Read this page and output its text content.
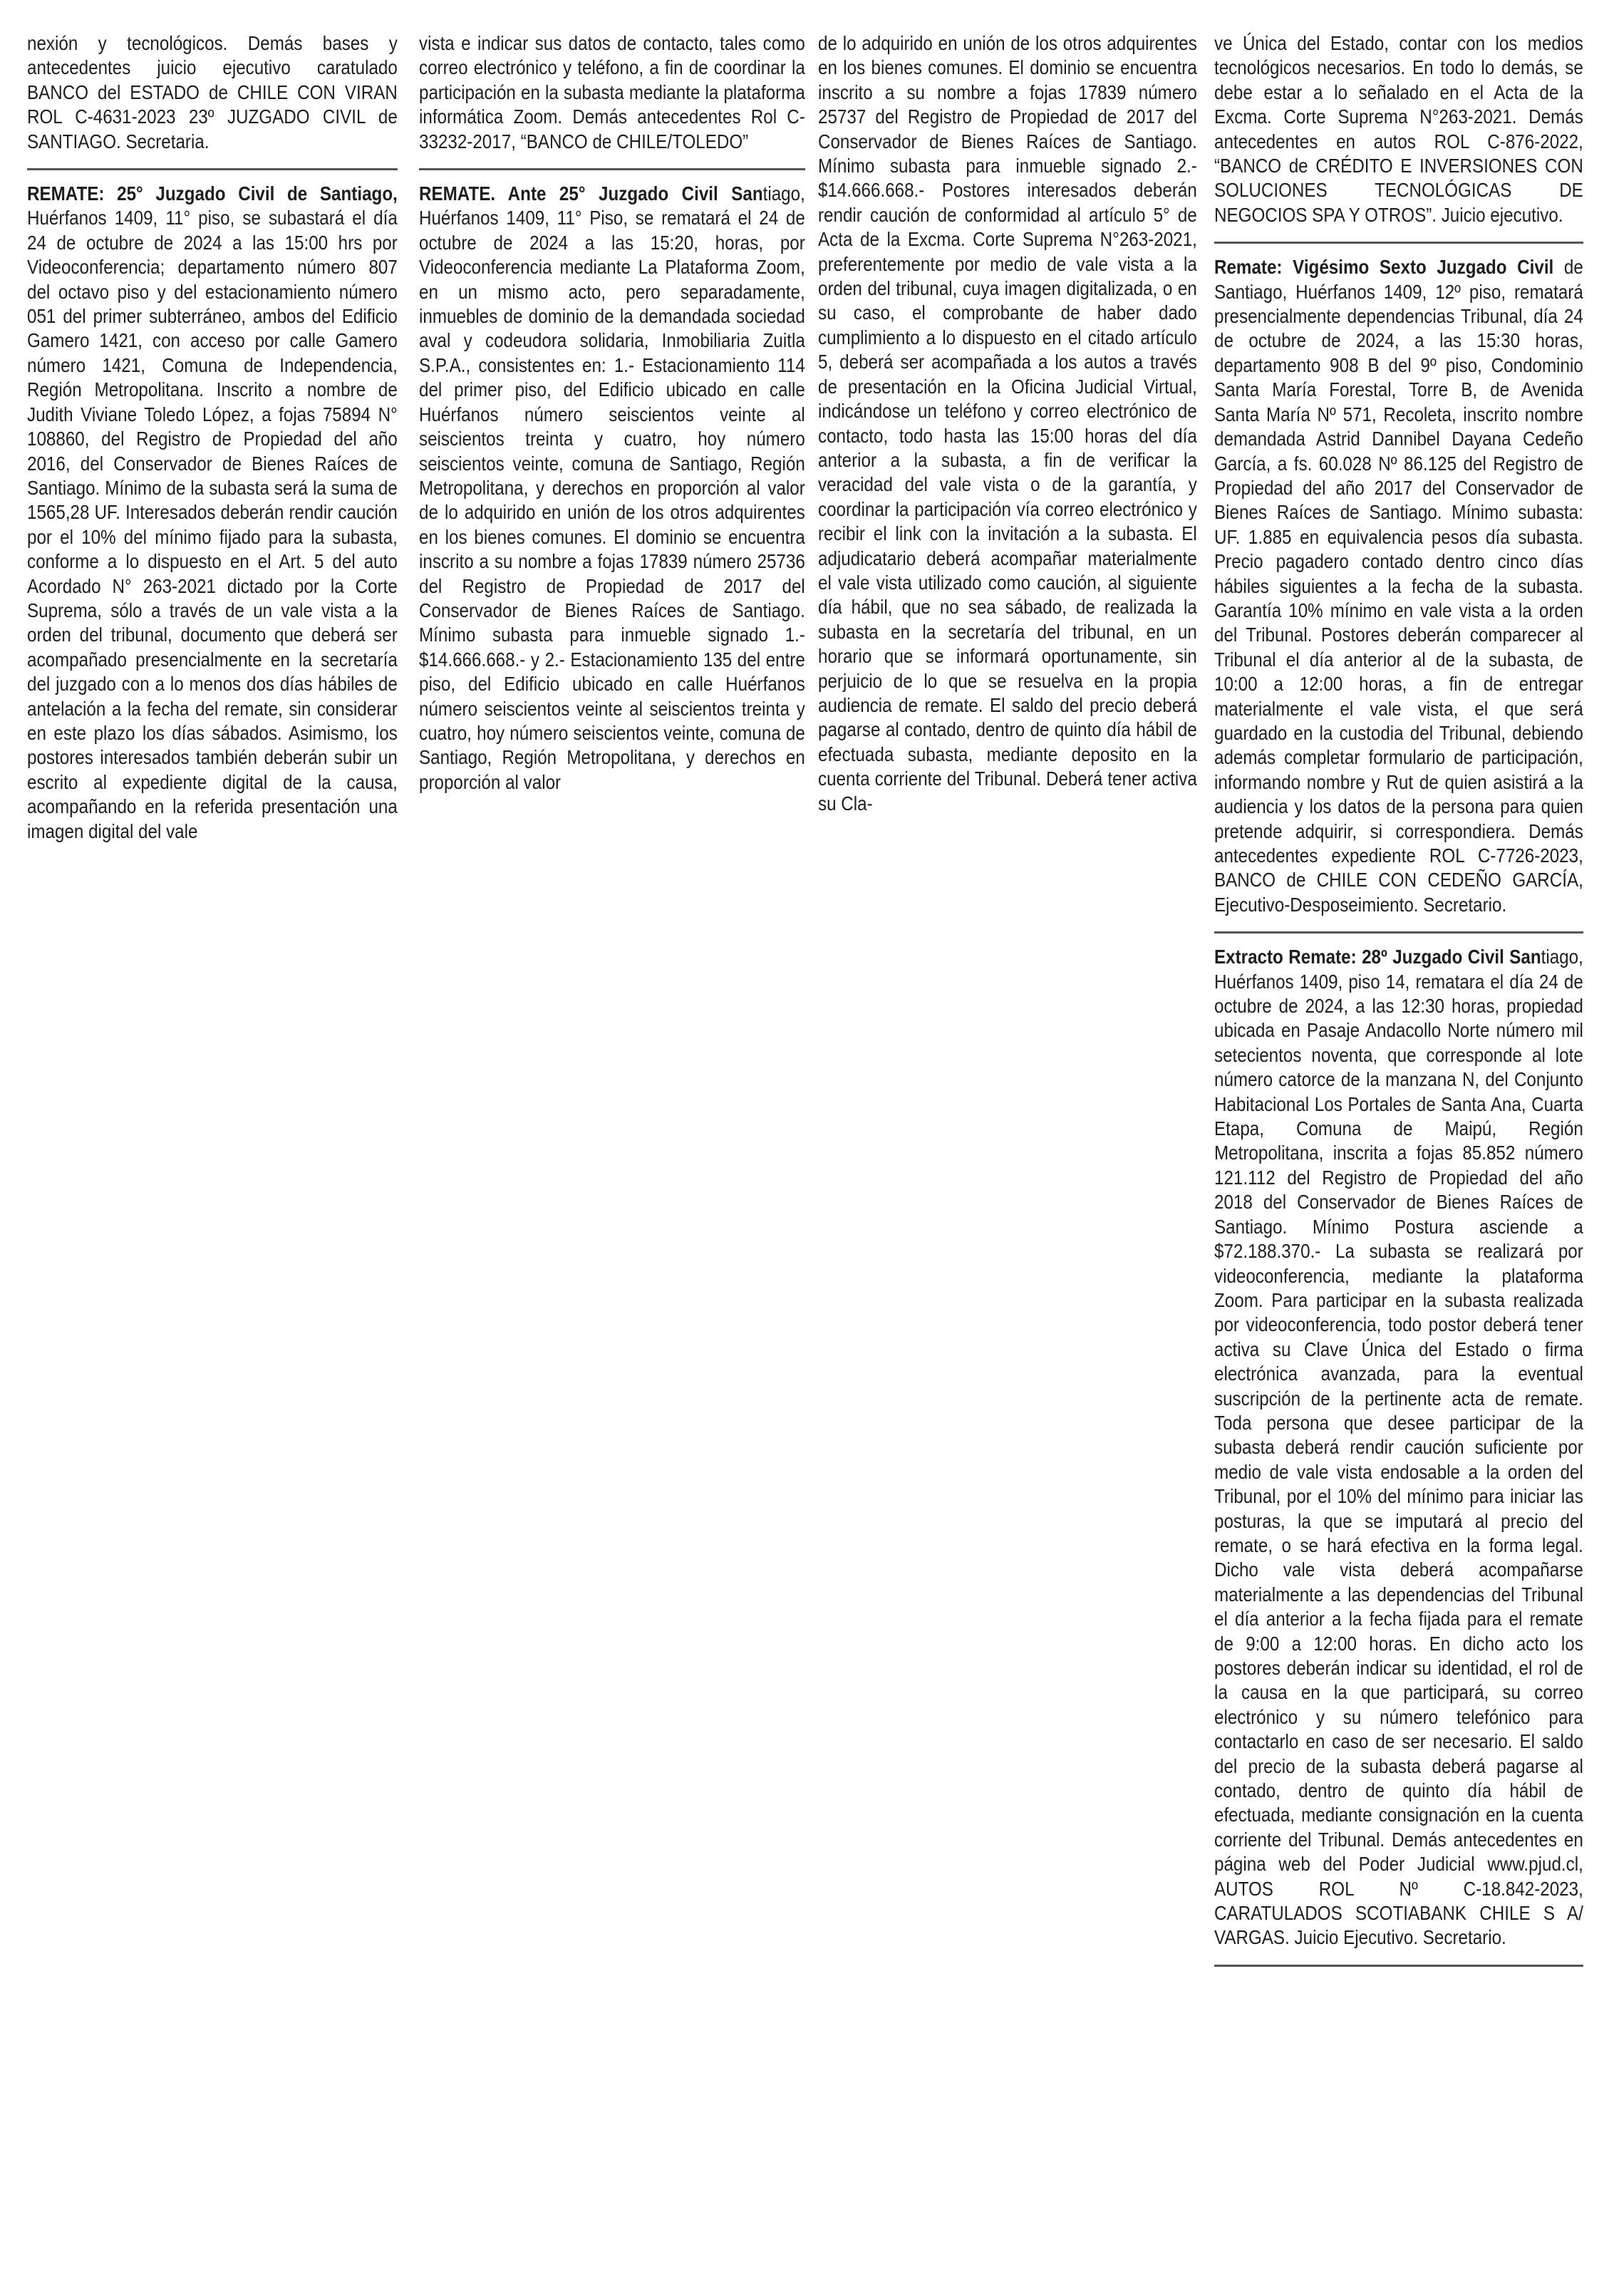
nexión y tecnológicos. Demás bases y antecedentes juicio ejecutivo caratulado BANCO del ESTADO de CHILE CON VIRAN ROL C-4631-2023 23º JUZGADO CIVIL de SANTIAGO. Secretaria.

REMATE: 25° Juzgado Civil de Santiago, Huérfanos 1409, 11° piso, se subastará el día 24 de octubre de 2024 a las 15:00 hrs por Videoconferencia; departamento número 807 del octavo piso y del estacionamiento número 051 del primer subterráneo, ambos del Edificio Gamero 1421, con acceso por calle Gamero número 1421, Comuna de Independencia, Región Metropolitana. Inscrito a nombre de Judith Viviane Toledo López, a fojas 75894 N° 108860, del Registro de Propiedad del año 2016, del Conservador de Bienes Raíces de Santiago. Mínimo de la subasta será la suma de 1565,28 UF. Interesados deberán rendir caución por el 10% del mínimo fijado para la subasta, conforme a lo dispuesto en el Art. 5 del auto Acordado N° 263-2021 dictado por la Corte Suprema, sólo a través de un vale vista a la orden del tribunal, documento que deberá ser acompañado presencialmente en la secretaría del juzgado con a lo menos dos días hábiles de antelación a la fecha del remate, sin considerar en este plazo los días sábados. Asimismo, los postores interesados también deberán subir un escrito al expediente digital de la causa, acompañando en la referida presentación una imagen digital del vale

vista e indicar sus datos de contacto, tales como correo electrónico y teléfono, a fin de coordinar la participación en la subasta mediante la plataforma informática Zoom. Demás antecedentes Rol C-33232-2017, “BANCO de CHILE/TOLEDO”

REMATE. Ante 25° Juzgado Civil Santiago, Huérfanos 1409, 11° Piso, se rematará el 24 de octubre de 2024 a las 15:20, horas, por Videoconferencia mediante La Plataforma Zoom, en un mismo acto, pero separadamente, inmuebles de dominio de la demandada sociedad aval y codeudora solidaria, Inmobiliaria Zuitla S.P.A., consistentes en: 1.- Estacionamiento 114 del primer piso, del Edificio ubicado en calle Huérfanos número seiscientos veinte al seiscientos treinta y cuatro, hoy número seiscientos veinte, comuna de Santiago, Región Metropolitana, y derechos en proporción al valor de lo adquirido en unión de los otros adquirentes en los bienes comunes. El dominio se encuentra inscrito a su nombre a fojas 17839 número 25736 del Registro de Propiedad de 2017 del Conservador de Bienes Raíces de Santiago. Mínimo subasta para inmueble signado 1.- $14.666.668.- y 2.- Estacionamiento 135 del entre piso, del Edificio ubicado en calle Huérfanos número seiscientos veinte al seiscientos treinta y cuatro, hoy número seiscientos veinte, comuna de Santiago, Región Metropolitana, y derechos en proporción al valor

de lo adquirido en unión de los otros adquirentes en los bienes comunes. El dominio se encuentra inscrito a su nombre a fojas 17839 número 25737 del Registro de Propiedad de 2017 del Conservador de Bienes Raíces de Santiago. Mínimo subasta para inmueble signado 2.- $14.666.668.- Postores interesados deberán rendir caución de conformidad al artículo 5° de Acta de la Excma. Corte Suprema N°263-2021, preferentemente por medio de vale vista a la orden del tribunal, cuya imagen digitalizada, o en su caso, el comprobante de haber dado cumplimiento a lo dispuesto en el citado artículo 5, deberá ser acompañada a los autos a través de presentación en la Oficina Judicial Virtual, indicándose un teléfono y correo electrónico de contacto, todo hasta las 15:00 horas del día anterior a la subasta, a fin de verificar la veracidad del vale vista o de la garantía, y coordinar la participación vía correo electrónico y recibir el link con la invitación a la subasta. El adjudicatario deberá acompañar materialmente el vale vista utilizado como caución, al siguiente día hábil, que no sea sábado, de realizada la subasta en la secretaría del tribunal, en un horario que se informará oportunamente, sin perjuicio de lo que se resuelva en la propia audiencia de remate. El saldo del precio deberá pagarse al contado, dentro de quinto día hábil de efectuada subasta, mediante deposito en la cuenta corriente del Tribunal. Deberá tener activa su Cla-

ve Única del Estado, contar con los medios tecnológicos necesarios. En todo lo demás, se debe estar a lo señalado en el Acta de la Excma. Corte Suprema N°263-2021. Demás antecedentes en autos ROL C-876-2022, “BANCO de CRÉDITO E INVERSIONES CON SOLUCIONES TECNOLÓGICAS DE NEGOCIOS SPA Y OTROS”. Juicio ejecutivo.

Remate: Vigésimo Sexto Juzgado Civil de Santiago, Huérfanos 1409, 12º piso, rematará presencialmente dependencias Tribunal, día 24 de octubre de 2024, a las 15:30 horas, departamento 908 B del 9º piso, Condominio Santa María Forestal, Torre B, de Avenida Santa María Nº 571, Recoleta, inscrito nombre demandada Astrid Dannibel Dayana Cedeño García, a fs. 60.028 Nº 86.125 del Registro de Propiedad del año 2017 del Conservador de Bienes Raíces de Santiago. Mínimo subasta: UF. 1.885 en equivalencia pesos día subasta. Precio pagadero contado dentro cinco días hábiles siguientes a la fecha de la subasta. Garantía 10% mínimo en vale vista a la orden del Tribunal. Postores deberán comparecer al Tribunal el día anterior al de la subasta, de 10:00 a 12:00 horas, a fin de entregar materialmente el vale vista, el que será guardado en la custodia del Tribunal, debiendo además completar formulario de participación, informando nombre y Rut de quien asistirá a la audiencia y los datos de la persona para quien pretende adquirir, si correspondiera. Demás antecedentes expediente ROL C-7726-2023, BANCO de CHILE CON CEDEÑO GARCÍA, Ejecutivo-Desposeimiento. Secretario.

Extracto Remate: 28º Juzgado Civil Santiago, Huérfanos 1409, piso 14, rematara el día 24 de octubre de 2024, a las 12:30 horas, propiedad ubicada en Pasaje Andacollo Norte número mil setecientos noventa, que corresponde al lote número catorce de la manzana N, del Conjunto Habitacional Los Portales de Santa Ana, Cuarta Etapa, Comuna de Maipú, Región Metropolitana, inscrita a fojas 85.852 número 121.112 del Registro de Propiedad del año 2018 del Conservador de Bienes Raíces de Santiago. Mínimo Postura asciende a $72.188.370.- La subasta se realizará por videoconferencia, mediante la plataforma Zoom. Para participar en la subasta realizada por videoconferencia, todo postor deberá tener activa su Clave Única del Estado o firma electrónica avanzada, para la eventual suscripción de la pertinente acta de remate. Toda persona que desee participar de la subasta deberá rendir caución suficiente por medio de vale vista endosable a la orden del Tribunal, por el 10% del mínimo para iniciar las posturas, la que se imputará al precio del remate, o se hará efectiva en la forma legal. Dicho vale vista deberá acompañarse materialmente a las dependencias del Tribunal el día anterior a la fecha fijada para el remate de 9:00 a 12:00 horas. En dicho acto los postores deberán indicar su identidad, el rol de la causa en la que participará, su correo electrónico y su número telefónico para contactarlo en caso de ser necesario. El saldo del precio de la subasta deberá pagarse al contado, dentro de quinto día hábil de efectuada, mediante consignación en la cuenta corriente del Tribunal. Demás antecedentes en página web del Poder Judicial www.pjud.cl, AUTOS ROL Nº C-18.842-2023, CARATULADOS SCOTIABANK CHILE S A/ VARGAS. Juicio Ejecutivo. Secretario.
